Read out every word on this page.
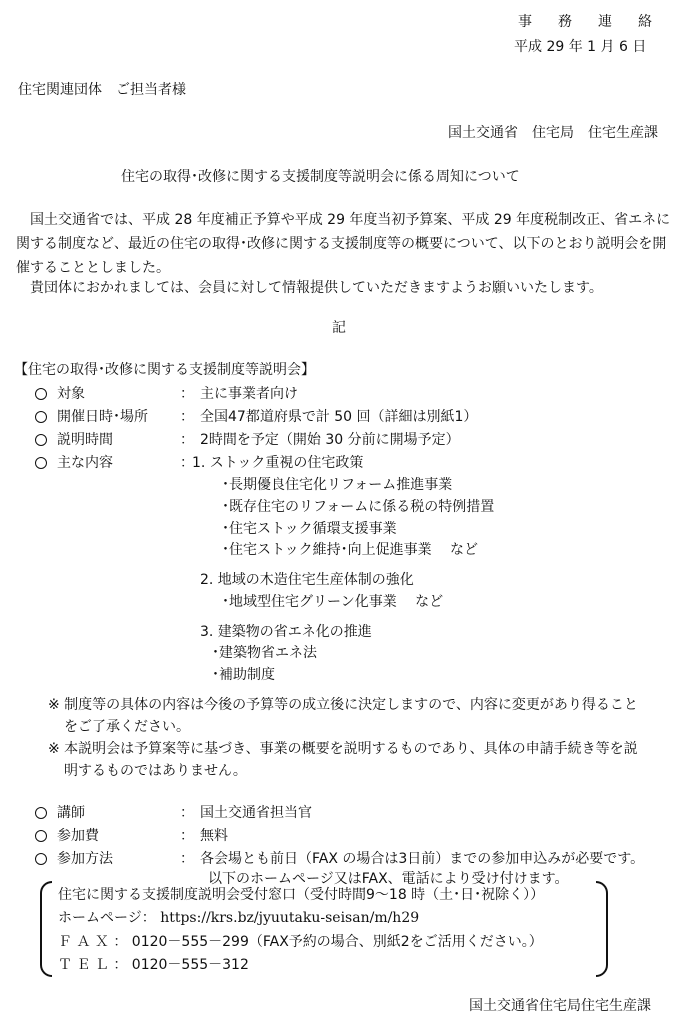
事　務　連　絡
平成 29 年 1 月 6 日
住宅関連団体　ご担当者様
国土交通省　住宅局　住宅生産課
住宅の取得･改修に関する支援制度等説明会に係る周知について
国土交通省では、平成 28 年度補正予算や平成 29 年度当初予算案、平成 29 年度税制改正、省エネに
関する制度など、最近の住宅の取得･改修に関する支援制度等の概要について、以下のとおり説明会を開
催することとしました。
貴団体におかれましては、会員に対して情報提供していただきますようお願いいたします。
記
【住宅の取得･改修に関する支援制度等説明会】
対象	： 主に事業者向け
開催日時･場所 ： 全国47都道府県で計 50 回（詳細は別紙1）
説明時間	： 2時間を予定（開始 30 分前に開場予定）
主な内容	：
1. ストック重視の住宅政策
･長期優良住宅化リフォーム推進事業
･既存住宅のリフォームに係る税の特例措置
･住宅ストック循環支援事業
･住宅ストック維持･向上促進事業　 など
2. 地域の木造住宅生産体制の強化
･地域型住宅グリーン化事業　 など
3. 建築物の省エネ化の推進
･建築物省エネ法
･補助制度
※ 制度等の具体の内容は今後の予算等の成立後に決定しますので、内容に変更があり得ること
をご了承ください。
※ 本説明会は予算案等に基づき、事業の概要を説明するものであり、具体の申請手続き等を説
明するものではありません。
講師	： 国土交通省担当官
参加費	： 無料
参加方法	： 各会場とも前日（FAX の場合は3日前）までの参加申込みが必要です。
以下のホームページ又はFAX、電話により受け付けます。
住宅に関する支援制度説明会受付窓口（受付時間9～18 時（土･日･祝除く））
ホームページ： https://krs.bz/jyuutaku-seisan/m/h29
Ｆ Ａ Ｘ ： 0120－555－299（FAX予約の場合、別紙2をご活用ください。）
Ｔ Ｅ Ｌ ： 0120－555－312
国土交通省住宅局住宅生産課
